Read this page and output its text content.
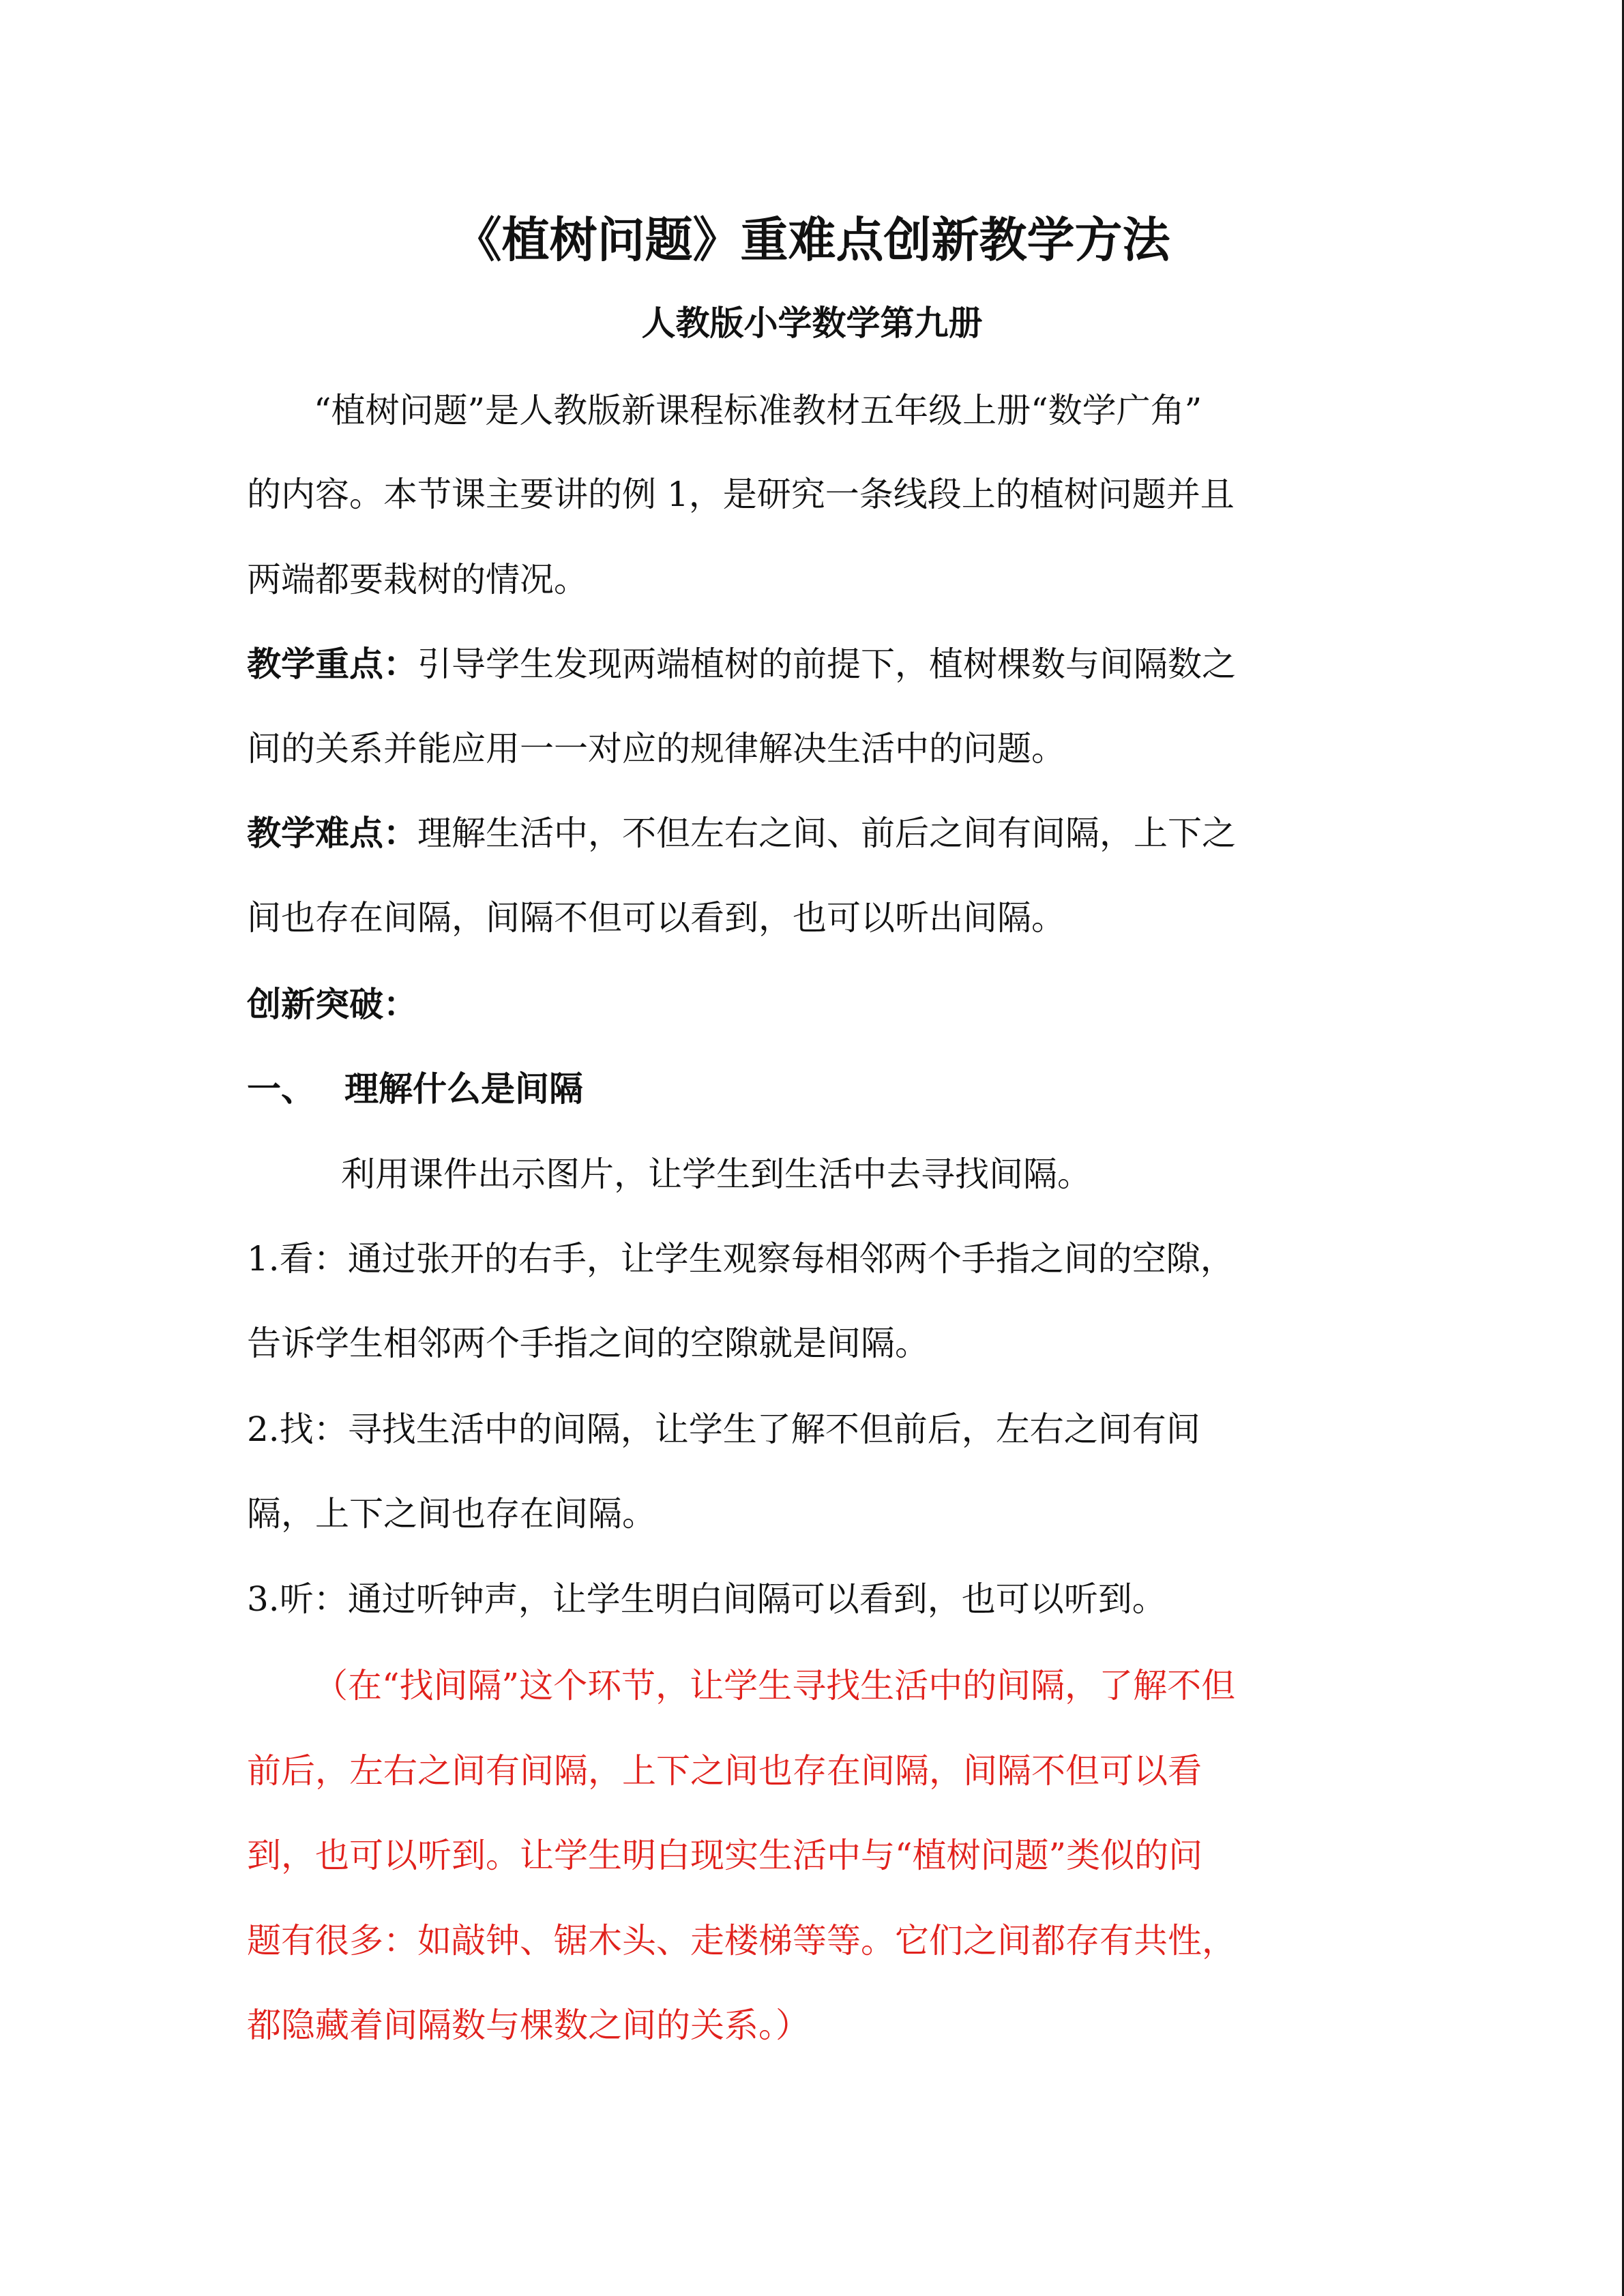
《植树问题》重难点创新教学方法
人教版小学数学第九册
“植树问题”是人教版新课程标准教材五年级上册“数学广角”
的内容。本节课主要讲的例 1，是研究一条线段上的植树问题并且
两端都要栽树的情况。
教学重点：引导学生发现两端植树的前提下，植树棵数与间隔数之
间的关系并能应用一一对应的规律解决生活中的问题。
教学难点：理解生活中，不但左右之间、前后之间有间隔，上下之
间也存在间隔，间隔不但可以看到，也可以听出间隔。
创新突破：
一、 理解什么是间隔
利用课件出示图片，让学生到生活中去寻找间隔。
1.看：通过张开的右手，让学生观察每相邻两个手指之间的空隙，
告诉学生相邻两个手指之间的空隙就是间隔。
2.找：寻找生活中的间隔，让学生了解不但前后，左右之间有间
隔，上下之间也存在间隔。
3.听：通过听钟声，让学生明白间隔可以看到，也可以听到。
（在“找间隔”这个环节，让学生寻找生活中的间隔，了解不但
前后，左右之间有间隔，上下之间也存在间隔，间隔不但可以看
到，也可以听到。让学生明白现实生活中与“植树问题”类似的问
题有很多：如敲钟、锯木头、走楼梯等等。它们之间都存有共性，
都隐藏着间隔数与棵数之间的关系。）
